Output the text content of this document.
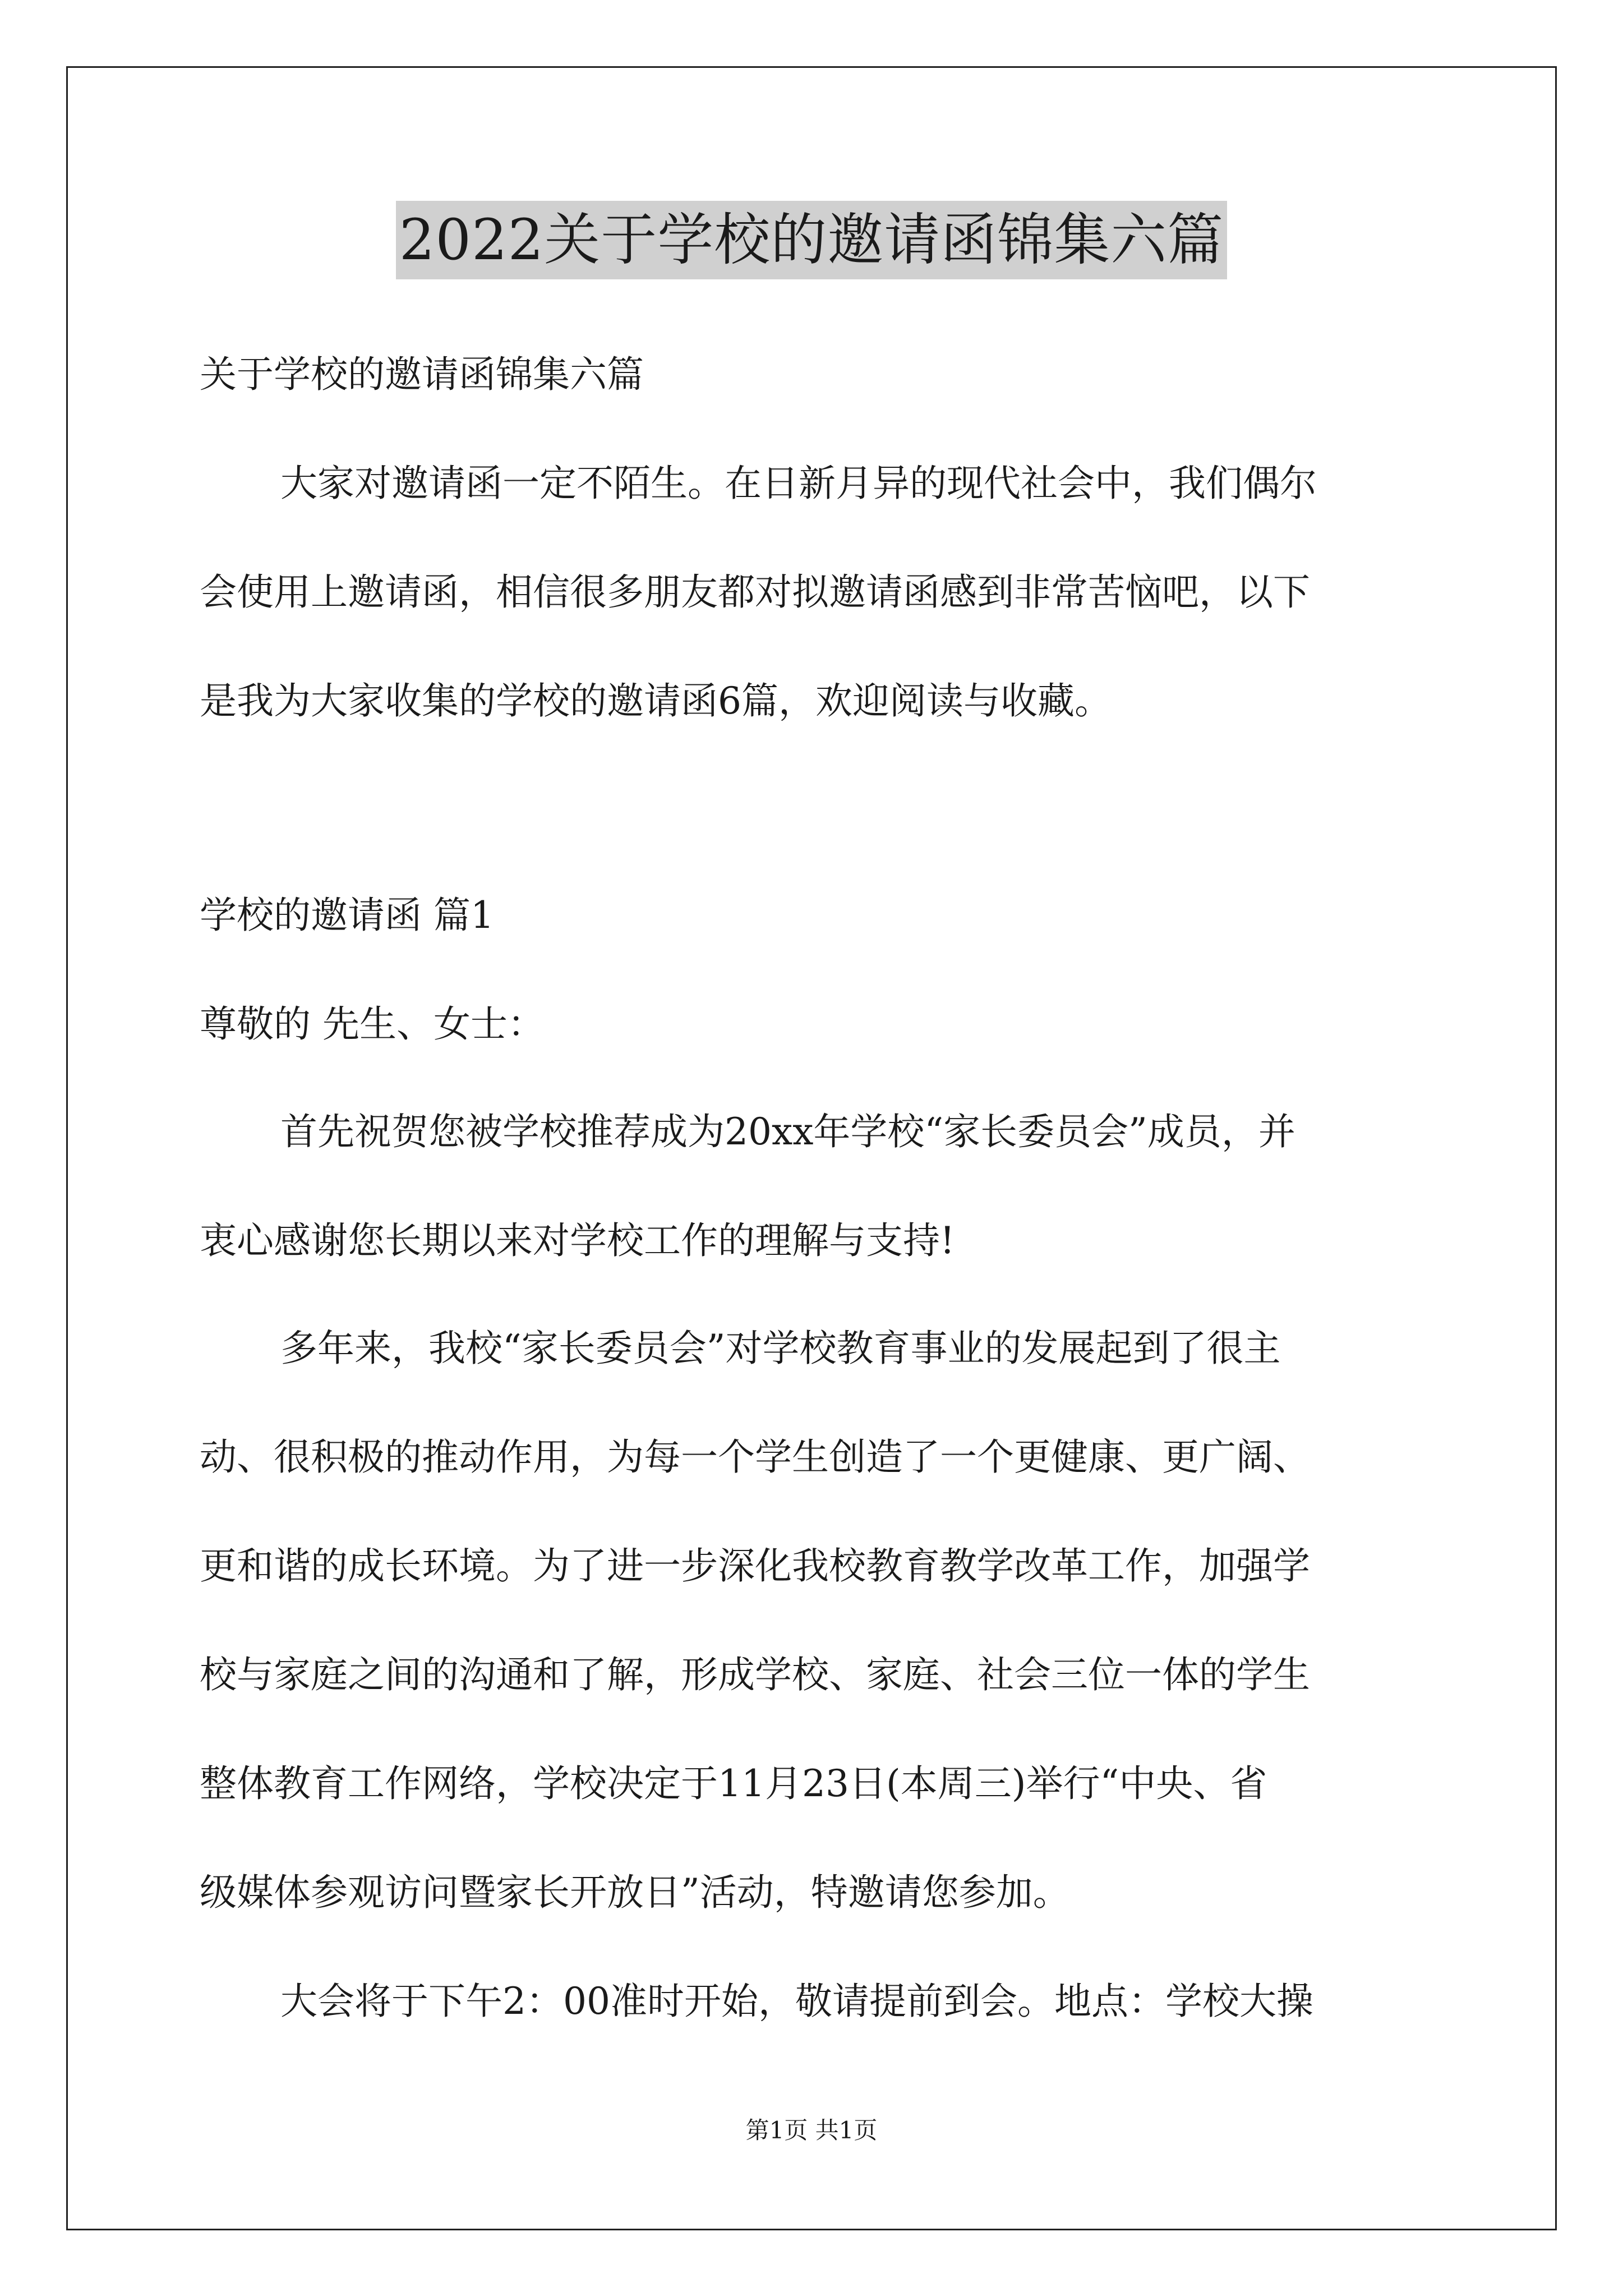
2022关于学校的邀请函锦集六篇
关于学校的邀请函锦集六篇
大家对邀请函一定不陌生。在日新月异的现代社会中，我们偶尔
会使用上邀请函，相信很多朋友都对拟邀请函感到非常苦恼吧，以下
是我为大家收集的学校的邀请函6篇，欢迎阅读与收藏。
学校的邀请函 篇1
尊敬的 先生、女士：
首先祝贺您被学校推荐成为20xx年学校“家长委员会”成员，并
衷心感谢您长期以来对学校工作的理解与支持!
多年来，我校“家长委员会”对学校教育事业的发展起到了很主
动、很积极的推动作用，为每一个学生创造了一个更健康、更广阔、
更和谐的成长环境。为了进一步深化我校教育教学改革工作，加强学
校与家庭之间的沟通和了解，形成学校、家庭、社会三位一体的学生
整体教育工作网络，学校决定于11月23日(本周三)举行“中央、省
级媒体参观访问暨家长开放日”活动，特邀请您参加。
大会将于下午2：00准时开始，敬请提前到会。地点：学校大操
第1页 共1页
